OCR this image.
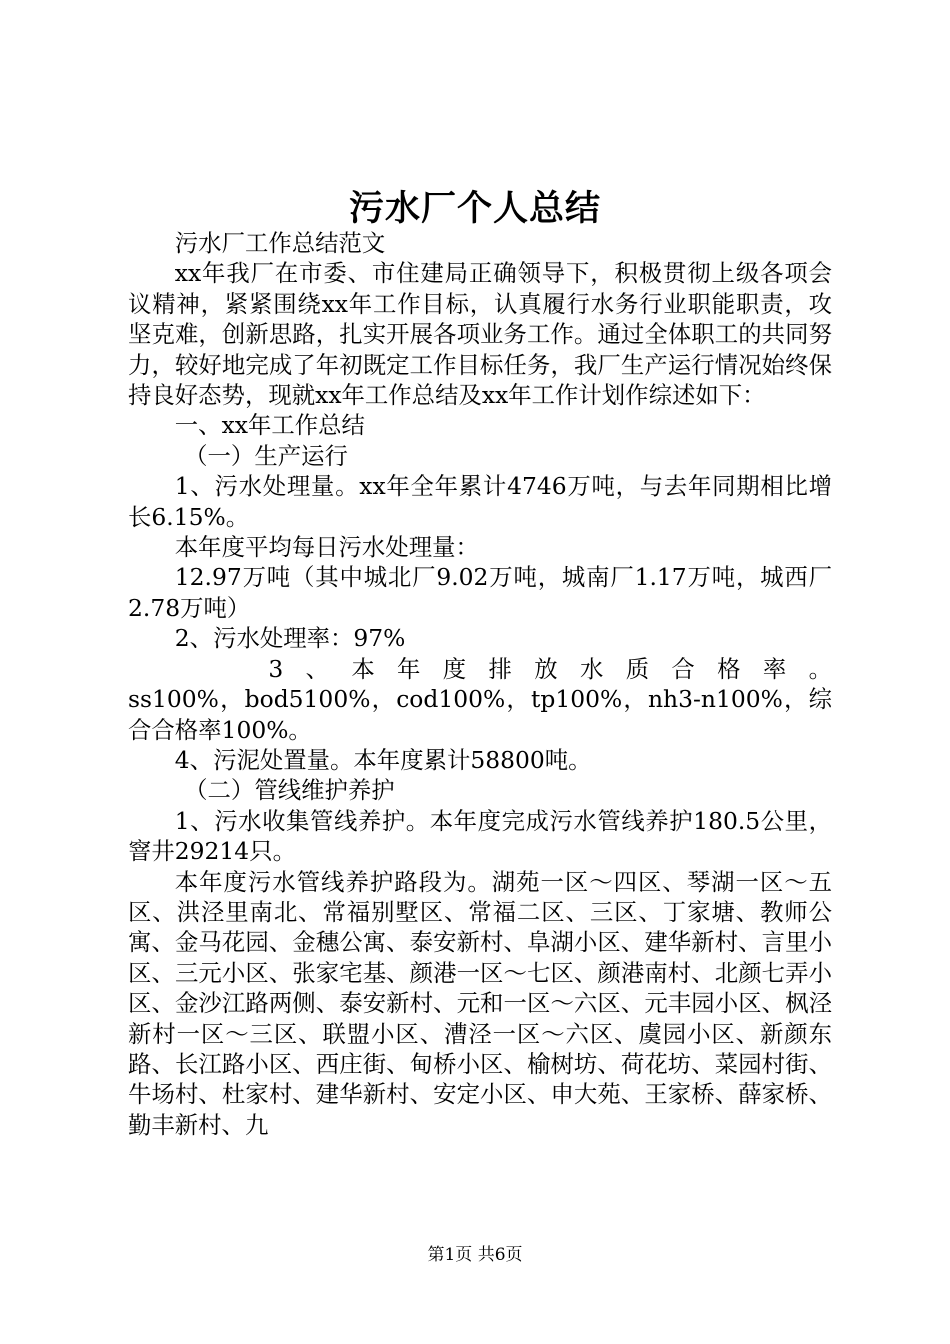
污水厂个人总结

污水厂工作总结范文

xx年我厂在市委、市住建局正确领导下，积极贯彻上级各项会议精神，紧紧围绕xx年工作目标，认真履行水务行业职能职责，攻坚克难，创新思路，扎实开展各项业务工作。通过全体职工的共同努力，较好地完成了年初既定工作目标任务，我厂生产运行情况始终保持良好态势，现就xx年工作总结及xx年工作计划作综述如下：

一、xx年工作总结

（一）生产运行

1、污水处理量。xx年全年累计4746万吨，与去年同期相比增长6.15%。

本年度平均每日污水处理量：

12.97万吨（其中城北厂9.02万吨，城南厂1.17万吨，城西厂2.78万吨）

2、污水处理率：97%

3、本年度排放水质合格率。

ss100%，bod5100%，cod100%，tp100%，nh3-n100%，综合合格率100%。

4、污泥处置量。本年度累计58800吨。

（二）管线维护养护

1、污水收集管线养护。本年度完成污水管线养护180.5公里，窨井29214只。

本年度污水管线养护路段为。湖苑一区～四区、琴湖一区～五区、洪泾里南北、常福别墅区、常福二区、三区、丁家塘、教师公寓、金马花园、金穗公寓、泰安新村、阜湖小区、建华新村、言里小区、三元小区、张家宅基、颜港一区～七区、颜港南村、北颜七弄小区、金沙江路两侧、泰安新村、元和一区～六区、元丰园小区、枫泾新村一区～三区、联盟小区、漕泾一区～六区、虞园小区、新颜东路、长江路小区、西庄街、甸桥小区、榆树坊、荷花坊、菜园村街、牛场村、杜家村、建华新村、安定小区、申大苑、王家桥、薛家桥、勤丰新村、九

第1页 共6页
